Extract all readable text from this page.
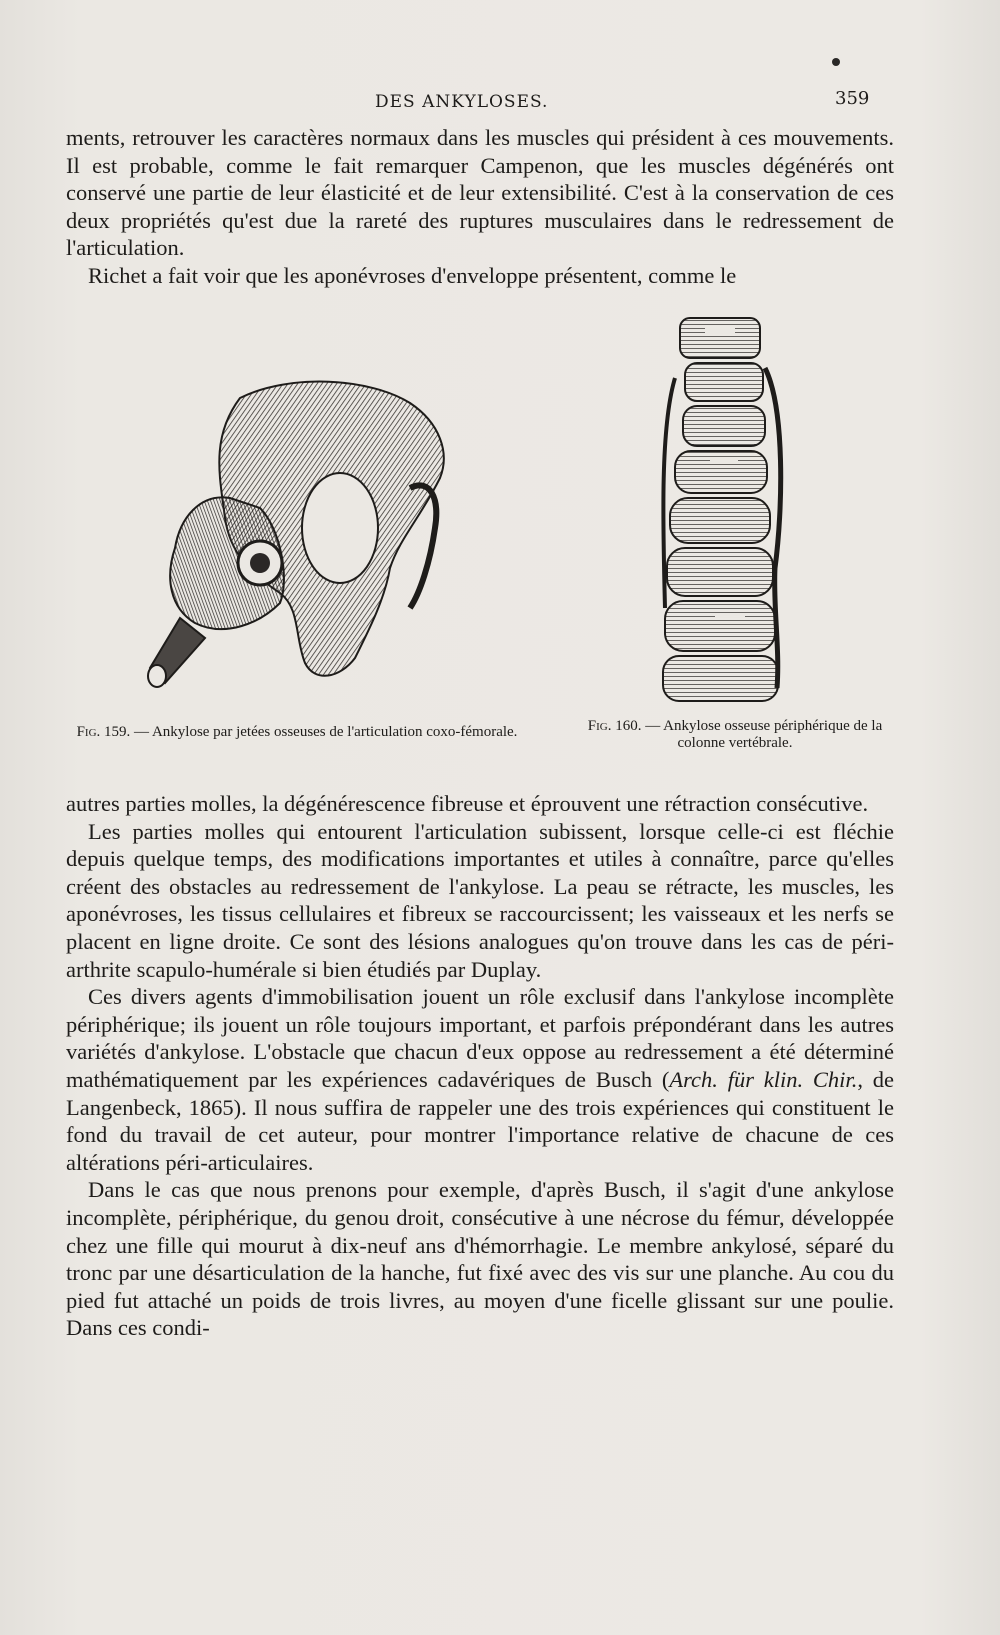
DES ANKYLOSES.	359

ments, retrouver les caractères normaux dans les muscles qui président à ces mouvements. Il est probable, comme le fait remarquer Campenon, que les muscles dégénérés ont conservé une partie de leur élasticité et de leur extensibilité. C'est à la conservation de ces deux propriétés qu'est due la rareté des ruptures musculaires dans le redressement de l'articulation.

Richet a fait voir que les aponévroses d'enveloppe présentent, comme le

Fig. 159. — Ankylose par jetées osseuses de l'articulation coxo-fémorale.	Fig. 160. — Ankylose osseuse périphérique de la colonne vertébrale.

autres parties molles, la dégénérescence fibreuse et éprouvent une rétraction consécutive.

Les parties molles qui entourent l'articulation subissent, lorsque celle-ci est fléchie depuis quelque temps, des modifications importantes et utiles à connaître, parce qu'elles créent des obstacles au redressement de l'ankylose. La peau se rétracte, les muscles, les aponévroses, les tissus cellulaires et fibreux se raccourcissent; les vaisseaux et les nerfs se placent en ligne droite. Ce sont des lésions analogues qu'on trouve dans les cas de péri-arthrite scapulo-humérale si bien étudiés par Duplay.

Ces divers agents d'immobilisation jouent un rôle exclusif dans l'ankylose incomplète périphérique; ils jouent un rôle toujours important, et parfois prépondérant dans les autres variétés d'ankylose. L'obstacle que chacun d'eux oppose au redressement a été déterminé mathématiquement par les expériences cadavériques de Busch (Arch. für klin. Chir., de Langenbeck, 1865). Il nous suffira de rappeler une des trois expériences qui constituent le fond du travail de cet auteur, pour montrer l'importance relative de chacune de ces altérations péri-articulaires.

Dans le cas que nous prenons pour exemple, d'après Busch, il s'agit d'une ankylose incomplète, périphérique, du genou droit, consécutive à une nécrose du fémur, développée chez une fille qui mourut à dix-neuf ans d'hémorrhagie. Le membre ankylosé, séparé du tronc par une désarticulation de la hanche, fut fixé avec des vis sur une planche. Au cou du pied fut attaché un poids de trois livres, au moyen d'une ficelle glissant sur une poulie. Dans ces condi-
